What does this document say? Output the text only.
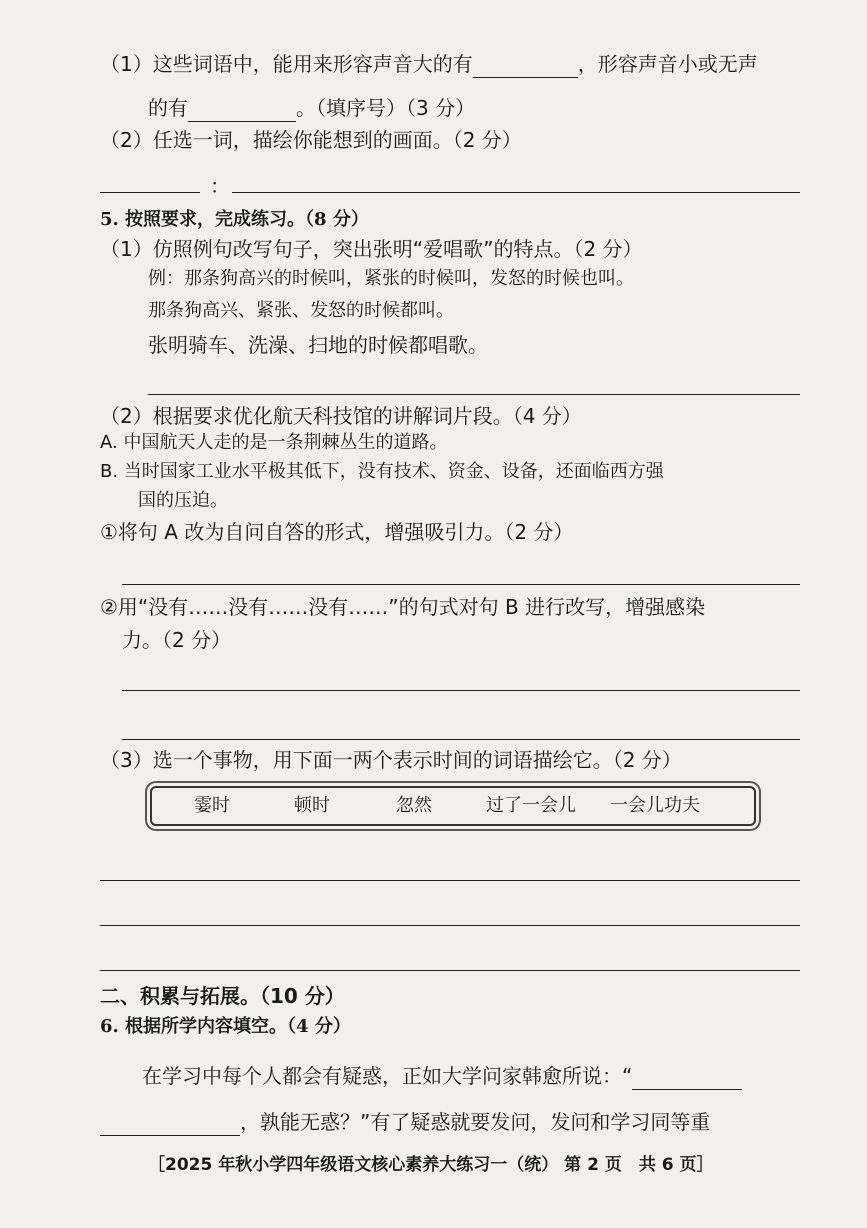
（1）这些词语中，能用来形容声音大的有	，形容声音小或无声
的有	。（填序号）（3 分）
（2）任选一词，描绘你能想到的画面。（2 分）
：
5. 按照要求，完成练习。（8 分）
（1）仿照例句改写句子，突出张明“爱唱歌”的特点。（2 分）
例：那条狗高兴的时候叫，紧张的时候叫，发怒的时候也叫。
那条狗高兴、紧张、发怒的时候都叫。
张明骑车、洗澡、扫地的时候都唱歌。
（2）根据要求优化航天科技馆的讲解词片段。（4 分）
A. 中国航天人走的是一条荆棘丛生的道路。
B. 当时国家工业水平极其低下，没有技术、资金、设备，还面临西方强
国的压迫。
①将句 A 改为自问自答的形式，增强吸引力。（2 分）
②用“没有……没有……没有……”的句式对句 B 进行改写，增强感染
力。（2 分）
（3）选一个事物，用下面一两个表示时间的词语描绘它。（2 分）
霎时	顿时	忽然	过了一会儿 一会儿功夫
二、积累与拓展。（10 分）
6. 根据所学内容填空。（4 分）
在学习中每个人都会有疑惑，正如大学问家韩愈所说：“
，孰能无惑？”有了疑惑就要发问，发问和学习同等重
［2025 年秋小学四年级语文核心素养大练习一（统） 第 2 页　共 6 页］
